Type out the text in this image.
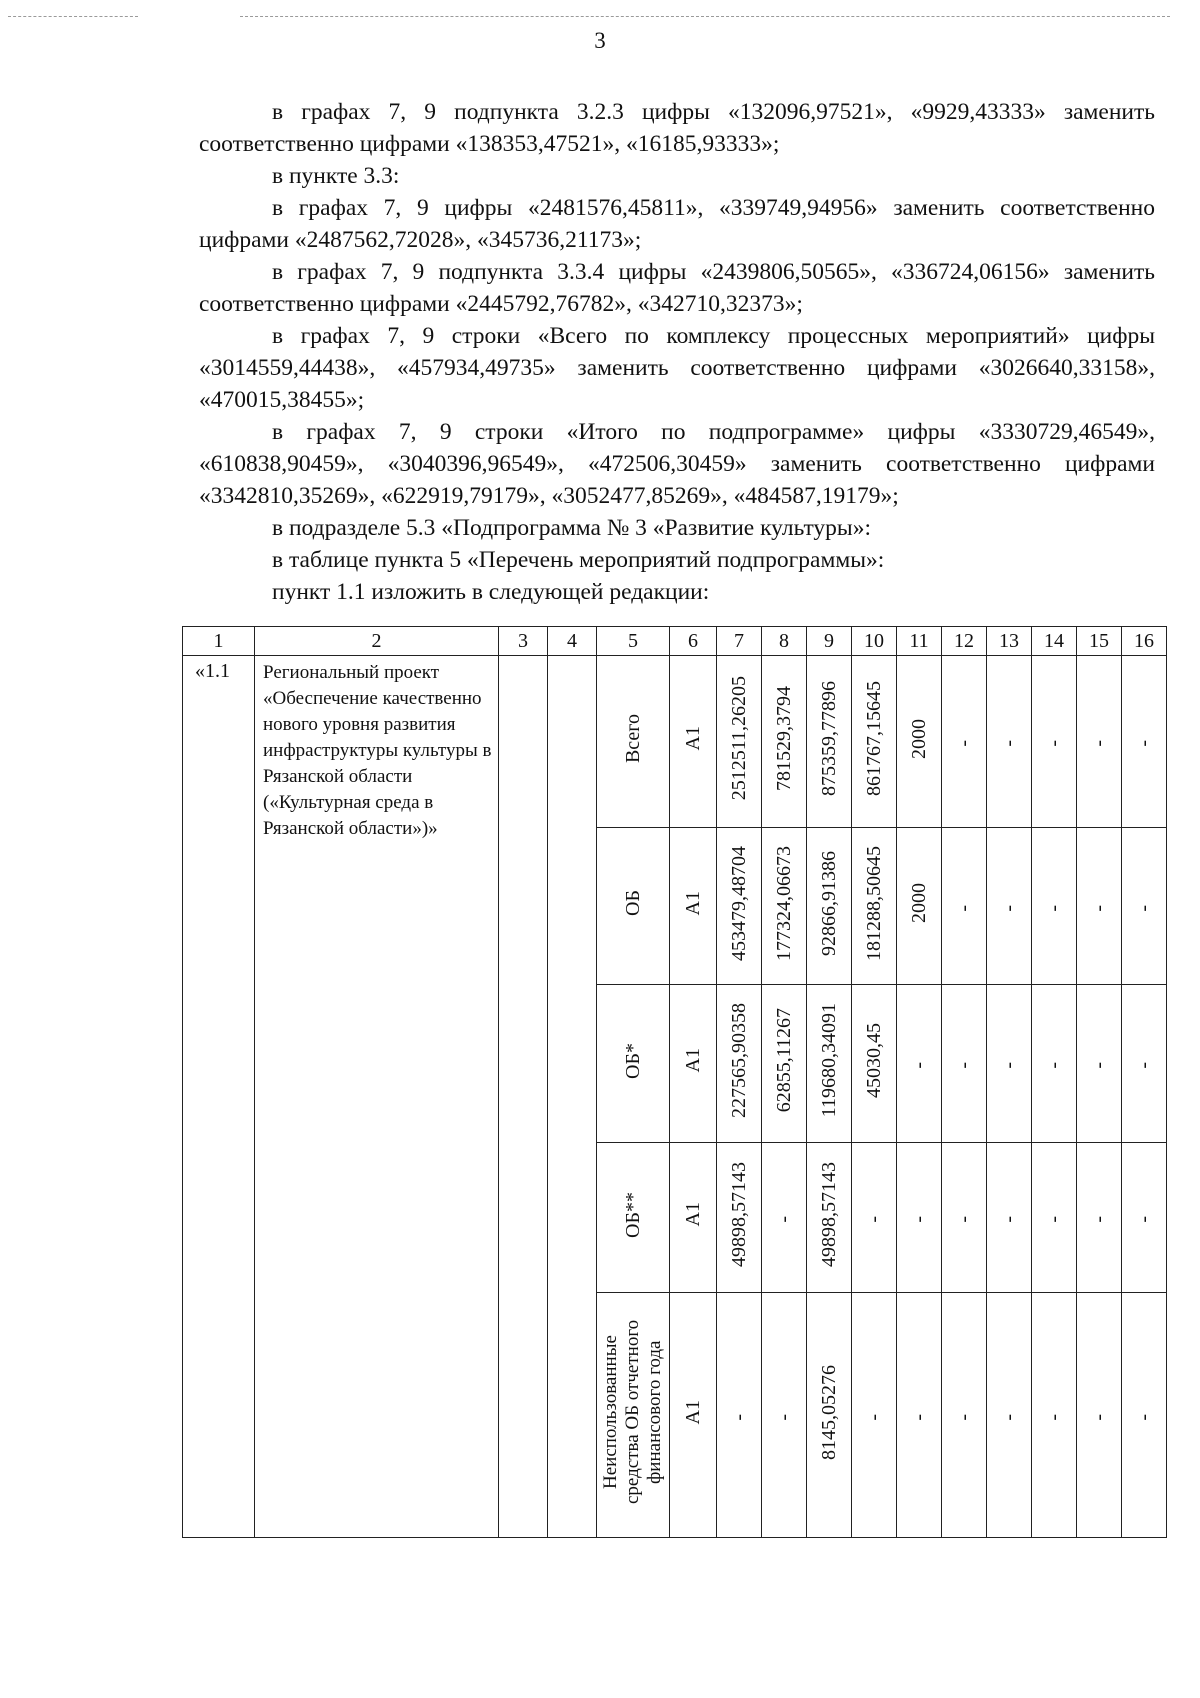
3

в графах 7, 9 подпункта 3.2.3 цифры «132096,97521», «9929,43333» заменить соответственно цифрами «138353,47521», «16185,93333»;

в пункте 3.3:

в графах 7, 9 цифры «2481576,45811», «339749,94956» заменить соответственно цифрами «2487562,72028», «345736,21173»;

в графах 7, 9 подпункта 3.3.4 цифры «2439806,50565», «336724,06156» заменить соответственно цифрами «2445792,76782», «342710,32373»;

в графах 7, 9 строки «Всего по комплексу процессных мероприятий» цифры «3014559,44438», «457934,49735» заменить соответственно цифрами «3026640,33158», «470015,38455»;

в графах 7, 9 строки «Итого по подпрограмме» цифры «3330729,46549», «610838,90459», «3040396,96549», «472506,30459» заменить соответственно цифрами «3342810,35269», «622919,79179», «3052477,85269», «484587,19179»;

в подразделе 5.3 «Подпрограмма № 3 «Развитие культуры»:

в таблице пункта 5 «Перечень мероприятий подпрограммы»:

пункт 1.1 изложить в следующей редакции:

1	2	3	4	5	6	7	8	9	10	11	12	13	14	15	16
«1.1	Региональный проект «Обеспечение качественно нового уровня развития инфраструктуры культуры в Рязанской области («Культурная среда в Рязанской области»)»			Всего	А1	2512511,26205	781529,3794	875359,77896	861767,15645	2000	-	-	-	-	-
				ОБ	А1	453479,48704	177324,06673	92866,91386	181288,50645	2000	-	-	-	-	-
				ОБ*	А1	227565,90358	62855,11267	119680,34091	45030,45	-	-	-	-	-	-
				ОБ**	А1	49898,57143	-	49898,57143	-	-	-	-	-	-	-
				Неиспользованные средства ОБ отчетного финансового года	А1	-	-	8145,05276	-	-	-	-	-	-	-
